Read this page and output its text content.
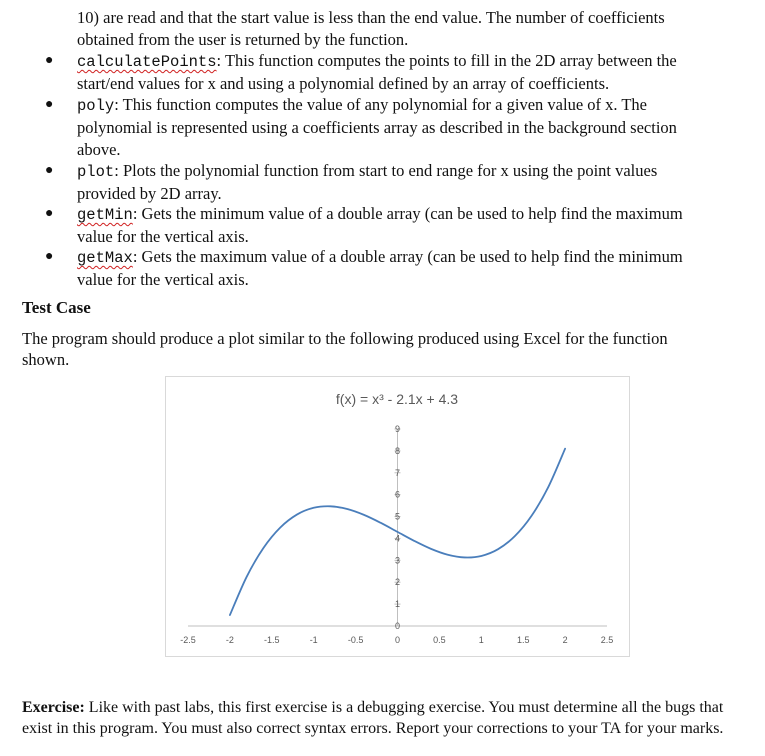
10) are read and that the start value is less than the end value. The number of coefficients
obtained from the user is returned by the function.

● calculatePoints: This function computes the points to fill in the 2D array between the
start/end values for x and using a polynomial defined by an array of coefficients.

● poly: This function computes the value of any polynomial for a given value of x. The
polynomial is represented using a coefficients array as described in the background section
above.

● plot: Plots the polynomial function from start to end range for x using the point values
provided by 2D array.

● getMin: Gets the minimum value of a double array (can be used to help find the maximum
value for the vertical axis.

● getMax: Gets the maximum value of a double array (can be used to help find the minimum
value for the vertical axis.

Test Case

The program should produce a plot similar to the following produced using Excel for the function
shown.

f(x) = x³ - 2.1x + 4.3
-2.5	-2	-1.5	-1	-0.5	0	0.5	1	1.5	2	2.5
0
1
2
3
4
5
6
7
8
9

Exercise: Like with past labs, this first exercise is a debugging exercise. You must determine all the bugs that
exist in this program. You must also correct syntax errors. Report your corrections to your TA for your marks.
